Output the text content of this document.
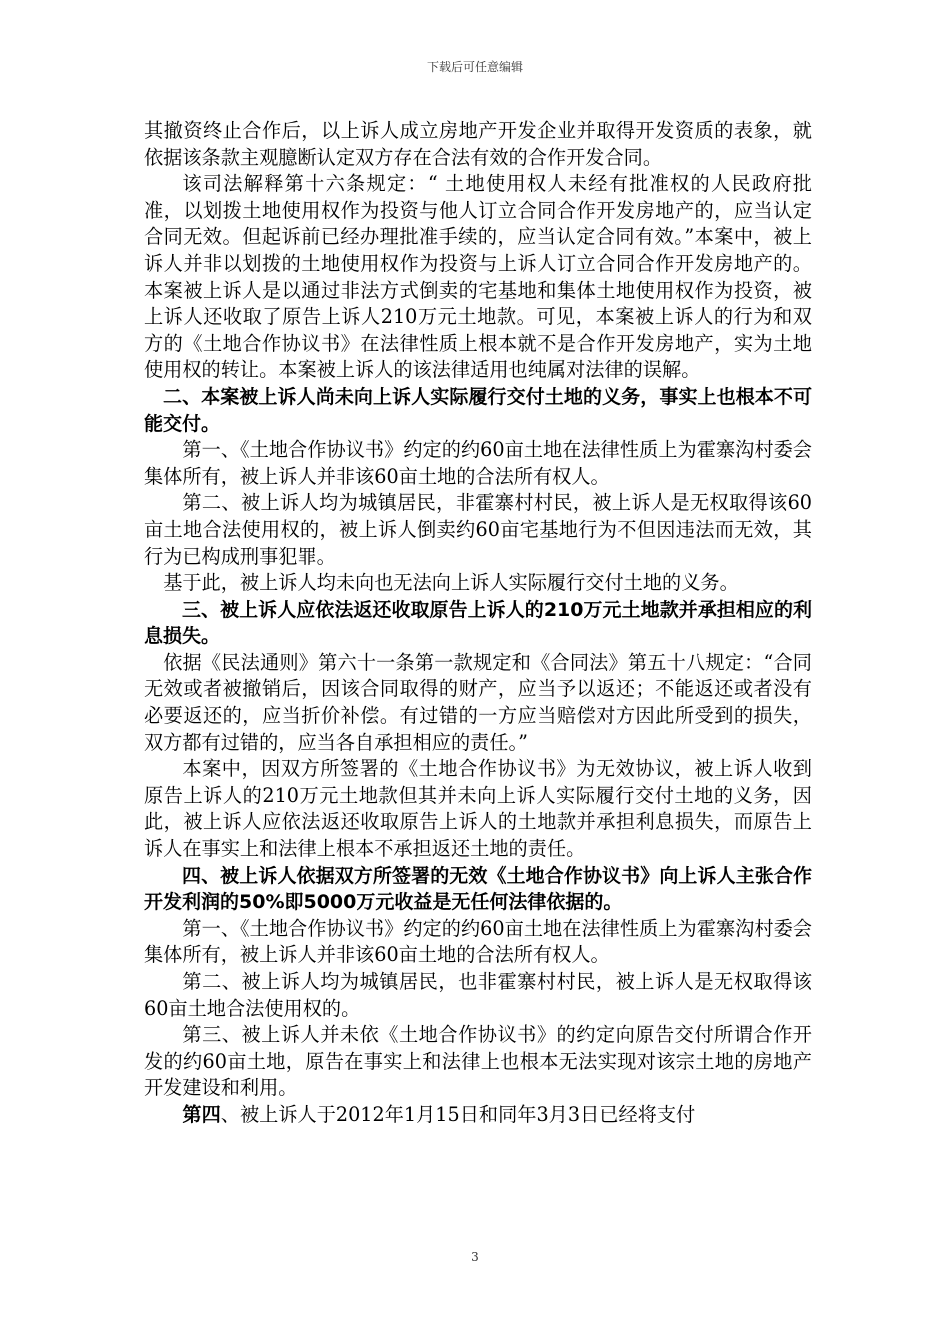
下载后可任意编辑

其撤资终止合作后，以上诉人成立房地产开发企业并取得开发资质的表象，就依据该条款主观臆断认定双方存在合法有效的合作开发合同。

该司法解释第十六条规定：“ 土地使用权人未经有批准权的人民政府批准，以划拨土地使用权作为投资与他人订立合同合作开发房地产的，应当认定合同无效。但起诉前已经办理批准手续的，应当认定合同有效。”本案中，被上诉人并非以划拨的土地使用权作为投资与上诉人订立合同合作开发房地产的。本案被上诉人是以通过非法方式倒卖的宅基地和集体土地使用权作为投资，被上诉人还收取了原告上诉人210万元土地款。可见，本案被上诉人的行为和双方的《土地合作协议书》在法律性质上根本就不是合作开发房地产，实为土地使用权的转让。本案被上诉人的该法律适用也纯属对法律的误解。

二、本案被上诉人尚未向上诉人实际履行交付土地的义务，事实上也根本不可能交付。

第一、《土地合作协议书》约定的约60亩土地在法律性质上为霍寨沟村委会集体所有，被上诉人并非该60亩土地的合法所有权人。

第二、被上诉人均为城镇居民，非霍寨村村民，被上诉人是无权取得该60亩土地合法使用权的，被上诉人倒卖约60亩宅基地行为不但因违法而无效，其行为已构成刑事犯罪。

基于此，被上诉人均未向也无法向上诉人实际履行交付土地的义务。

三、被上诉人应依法返还收取原告上诉人的210万元土地款并承担相应的利息损失。

依据《民法通则》第六十一条第一款规定和《合同法》第五十八规定：“合同无效或者被撤销后，因该合同取得的财产，应当予以返还；不能返还或者没有必要返还的，应当折价补偿。有过错的一方应当赔偿对方因此所受到的损失，双方都有过错的，应当各自承担相应的责任。”

本案中，因双方所签署的《土地合作协议书》为无效协议，被上诉人收到原告上诉人的210万元土地款但其并未向上诉人实际履行交付土地的义务，因此，被上诉人应依法返还收取原告上诉人的土地款并承担利息损失，而原告上诉人在事实上和法律上根本不承担返还土地的责任。

四、被上诉人依据双方所签署的无效《土地合作协议书》向上诉人主张合作开发利润的50%即5000万元收益是无任何法律依据的。

第一、《土地合作协议书》约定的约60亩土地在法律性质上为霍寨沟村委会集体所有，被上诉人并非该60亩土地的合法所有权人。

第二、被上诉人均为城镇居民，也非霍寨村村民，被上诉人是无权取得该60亩土地合法使用权的。

第三、被上诉人并未依《土地合作协议书》的约定向原告交付所谓合作开发的约60亩土地，原告在事实上和法律上也根本无法实现对该宗土地的房地产开发建设和利用。

第四、被上诉人于2012年1月15日和同年3月3日已经将支付

3
